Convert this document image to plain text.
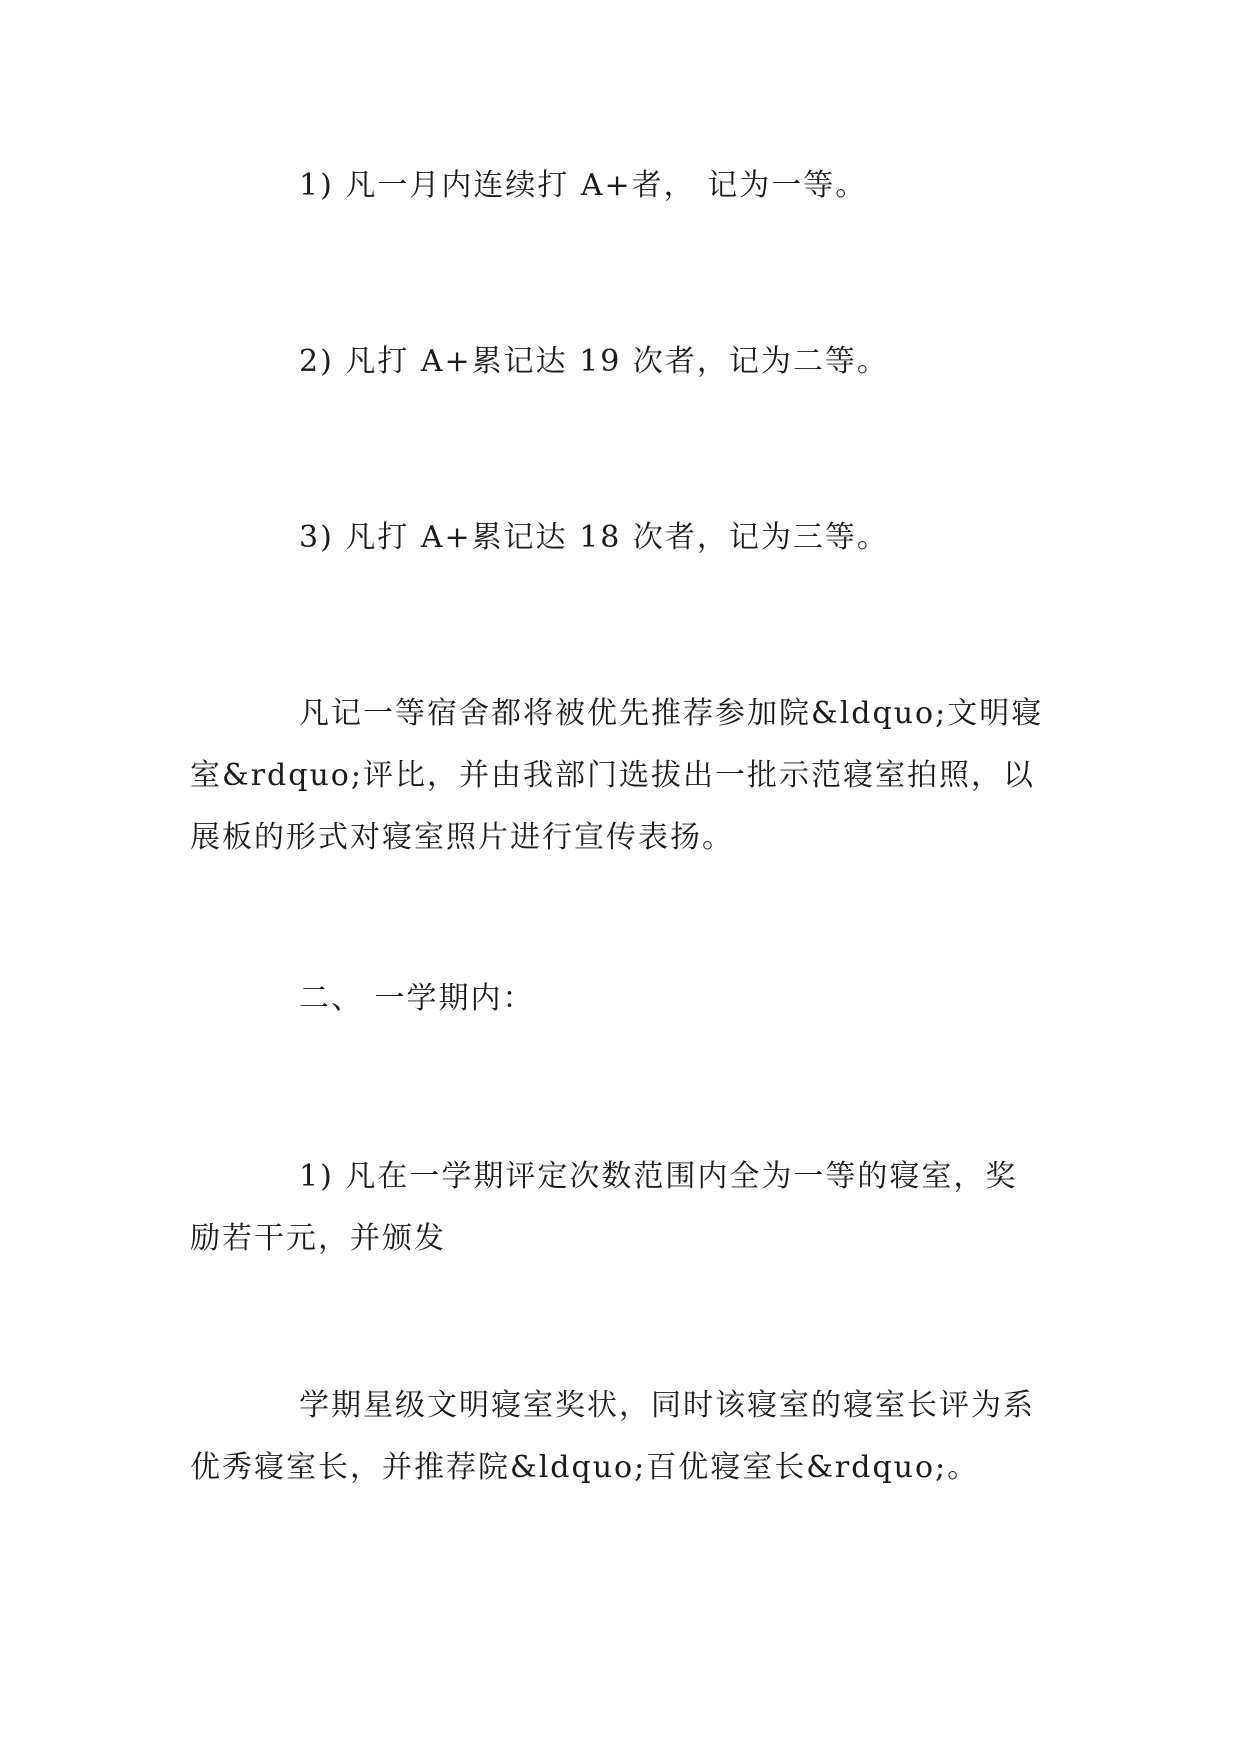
1) 凡一月内连续打 A+者， 记为一等。
2) 凡打 A+累记达 19 次者，记为二等。
3) 凡打 A+累记达 18 次者，记为三等。
凡记一等宿舍都将被优先推荐参加院&ldquo;文明寝室&rdquo;评比，并由我部门选拔出一批示范寝室拍照，以展板的形式对寝室照片进行宣传表扬。
二、 一学期内：
1) 凡在一学期评定次数范围内全为一等的寝室，奖励若干元，并颁发
学期星级文明寝室奖状，同时该寝室的寝室长评为系优秀寝室长，并推荐院&ldquo;百优寝室长&rdquo;。
